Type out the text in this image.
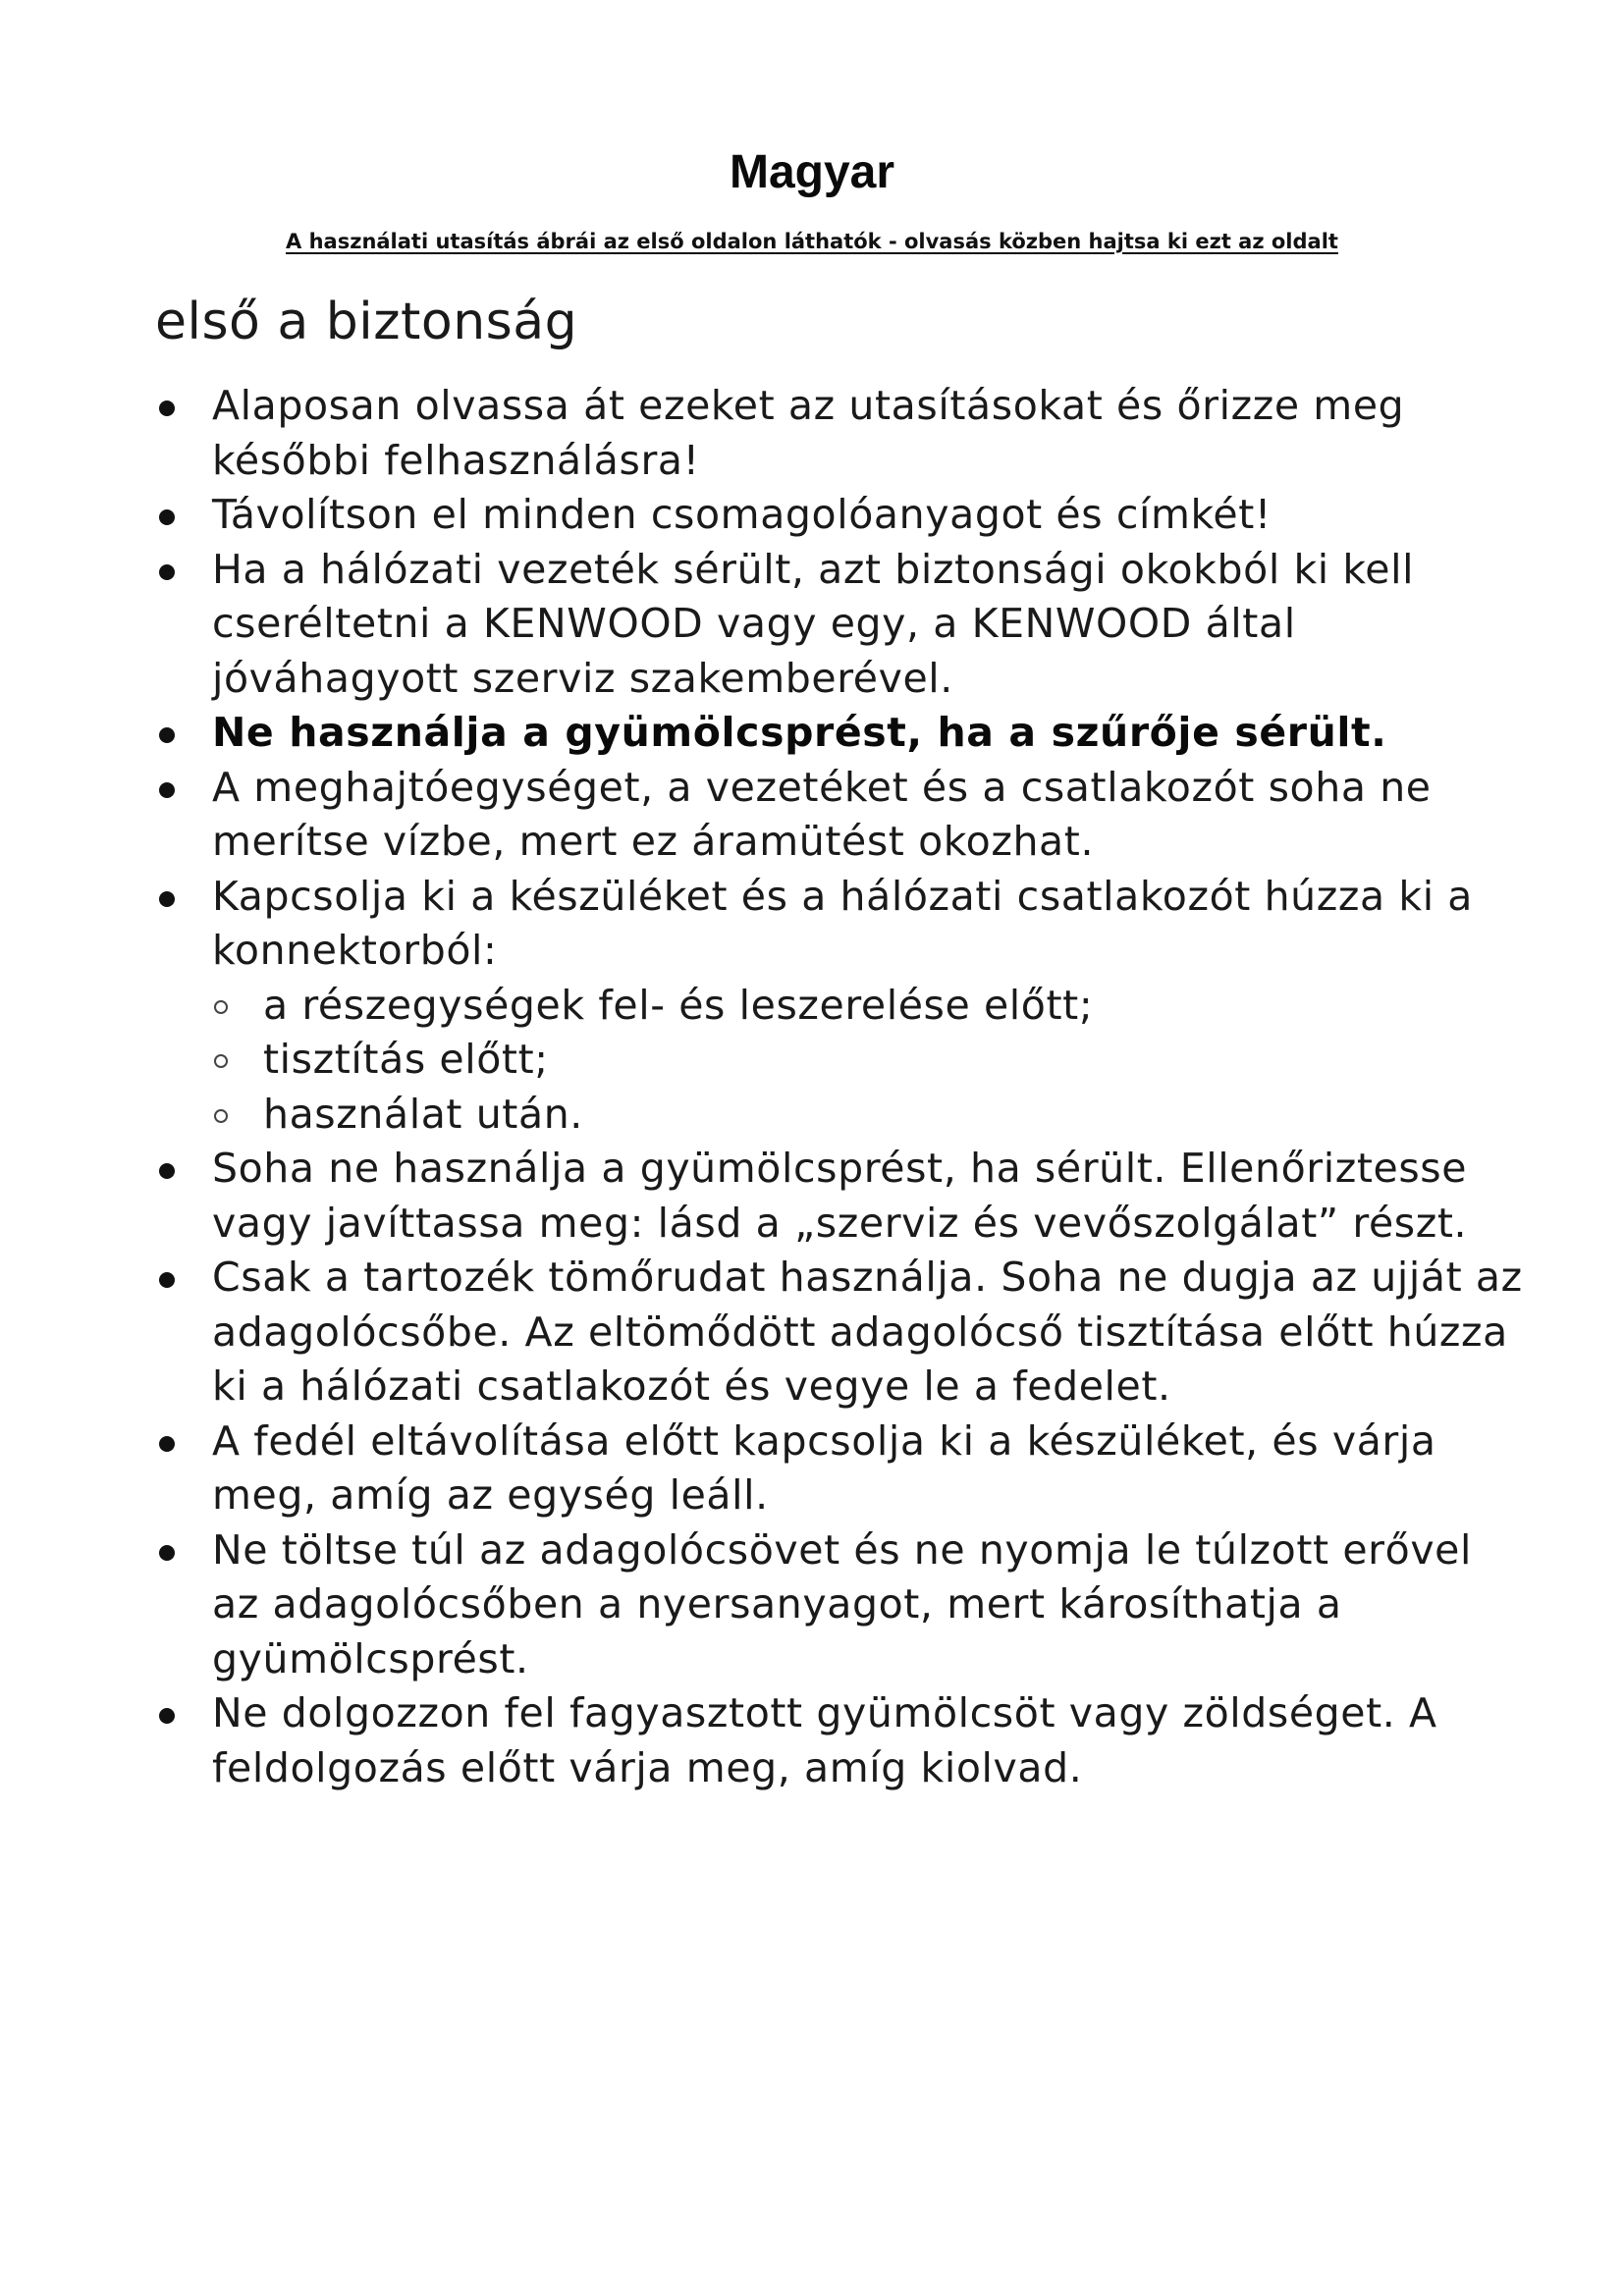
Magyar
A használati utasítás ábrái az első oldalon láthatók - olvasás közben hajtsa ki ezt az oldalt
első a biztonság
Alaposan olvassa át ezeket az utasításokat és őrizze meg későbbi felhasználásra!
Távolítson el minden csomagolóanyagot és címkét!
Ha a hálózati vezeték sérült, azt biztonsági okokból ki kell cseréltetni a KENWOOD vagy egy, a KENWOOD által jóváhagyott szerviz szakemberével.
Ne használja a gyümölcsprést, ha a szűrője sérült.
A meghajtóegységet, a vezetéket és a csatlakozót soha ne merítse vízbe, mert ez áramütést okozhat.
Kapcsolja ki a készüléket és a hálózati csatlakozót húzza ki a konnektorból:
a részegységek fel- és leszerelése előtt;
tisztítás előtt;
használat után.
Soha ne használja a gyümölcsprést, ha sérült. Ellenőriztesse vagy javíttassa meg: lásd a „szerviz és vevőszolgálat” részt.
Csak a tartozék tömőrudat használja. Soha ne dugja az ujját az adagolócsőbe. Az eltömődött adagolócső tisztítása előtt húzza ki a hálózati csatlakozót és vegye le a fedelet.
A fedél eltávolítása előtt kapcsolja ki a készüléket, és várja meg, amíg az egység leáll.
Ne töltse túl az adagolócsövet és ne nyomja le túlzott erővel az adagolócsőben a nyersanyagot, mert károsíthatja a gyümölcsprést.
Ne dolgozzon fel fagyasztott gyümölcsöt vagy zöldséget. A feldolgozás előtt várja meg, amíg kiolvad.
